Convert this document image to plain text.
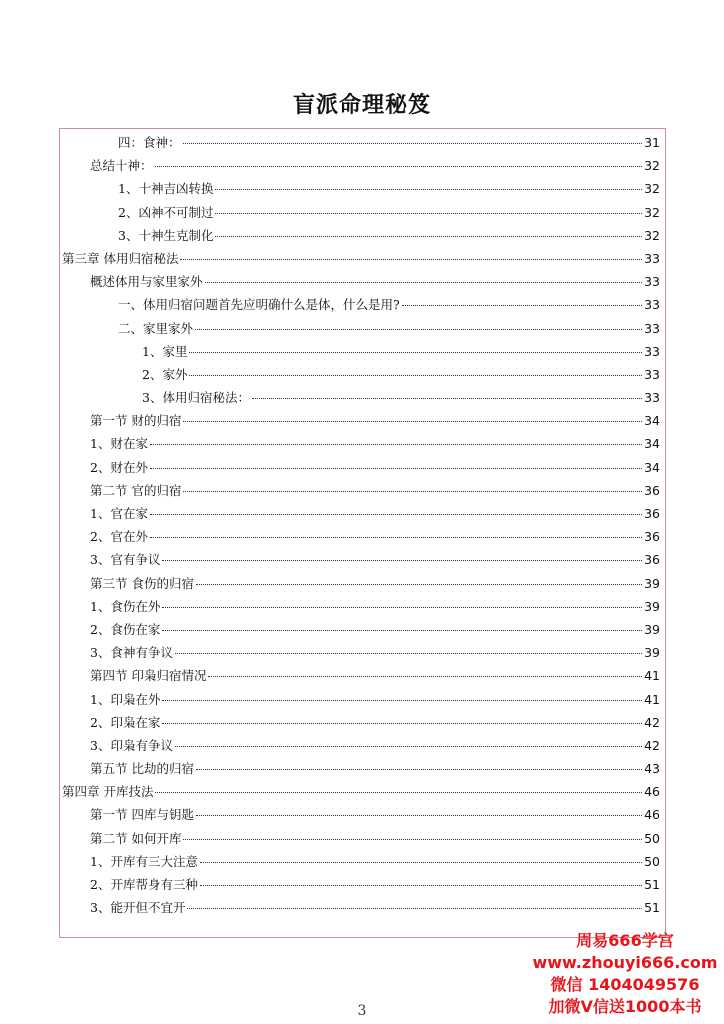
盲派命理秘笈
四：食神：	31
总结十神：	32
1、十神吉凶转换	32
2、凶神不可制过	32
3、十神生克制化	32
第三章 体用归宿秘法	33
概述体用与家里家外	33
一、体用归宿问题首先应明确什么是体，什么是用?	33
二、家里家外	33
1、家里	33
2、家外	33
3、体用归宿秘法：	33
第一节 财的归宿	34
1、财在家	34
2、财在外	34
第二节 官的归宿	36
1、官在家	36
2、官在外	36
3、官有争议	36
第三节 食伤的归宿	39
1、食伤在外	39
2、食伤在家	39
3、食神有争议	39
第四节 印枭归宿情况	41
1、印枭在外	41
2、印枭在家	42
3、印枭有争议	42
第五节 比劫的归宿	43
第四章 开库技法	46
第一节 四库与钥匙	46
第二节 如何开库	50
1、开库有三大注意	50
2、开库帮身有三种	51
3、能开但不宜开	51
3
周易666学宫
www.zhouyi666.com
微信 1404049576
加微V信送1000本书
